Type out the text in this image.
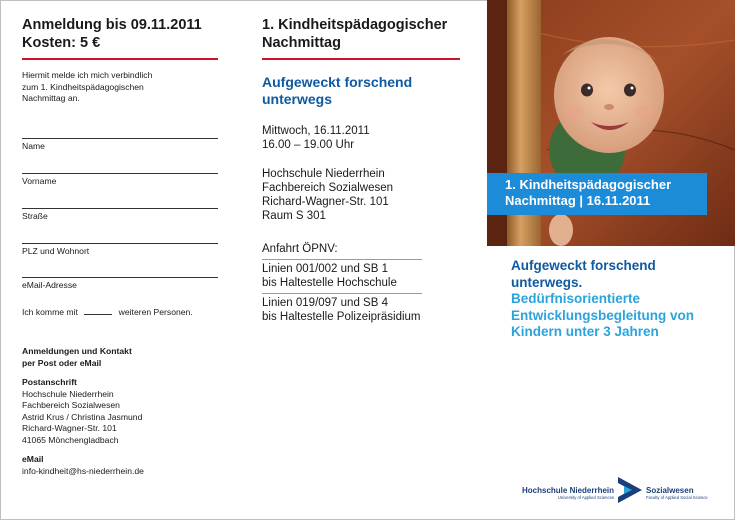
Anmeldung bis 09.11.2011
Kosten: 5 €
Hiermit melde ich mich verbindlich
zum 1. Kindheitspädagogischen
Nachmittag an.
Name
Vorname
Straße
PLZ und Wohnort
eMail-Adresse
Ich komme mit	weiteren Personen.
Anmeldungen und Kontakt
per Post oder eMail
Postanschrift
Hochschule Niederrhein
Fachbereich Sozialwesen
Astrid Krus / Christina Jasmund
Richard-Wagner-Str. 101
41065 Mönchengladbach
eMail
info-kindheit@hs-niederrhein.de
1. Kindheitspädagogischer
Nachmittag
Aufgeweckt forschend
unterwegs
Mittwoch, 16.11.2011
16.00 – 19.00 Uhr
Hochschule Niederrhein
Fachbereich Sozialwesen
Richard-Wagner-Str. 101
Raum S 301
Anfahrt ÖPNV:
Linien 001/002 und SB 1
bis Haltestelle Hochschule
Linien 019/097 und SB 4
bis Haltestelle Polizeipräsidium
1. Kindheitspädagogischer
Nachmittag | 16.11.2011
Aufgeweckt forschend
unterwegs.
Bedürfnisorientierte
Entwicklungsbegleitung von
Kindern unter 3 Jahren
Hochschule Niederrhein
University of Applied Sciences
Sozialwesen
Faculty of Applied Social Science
